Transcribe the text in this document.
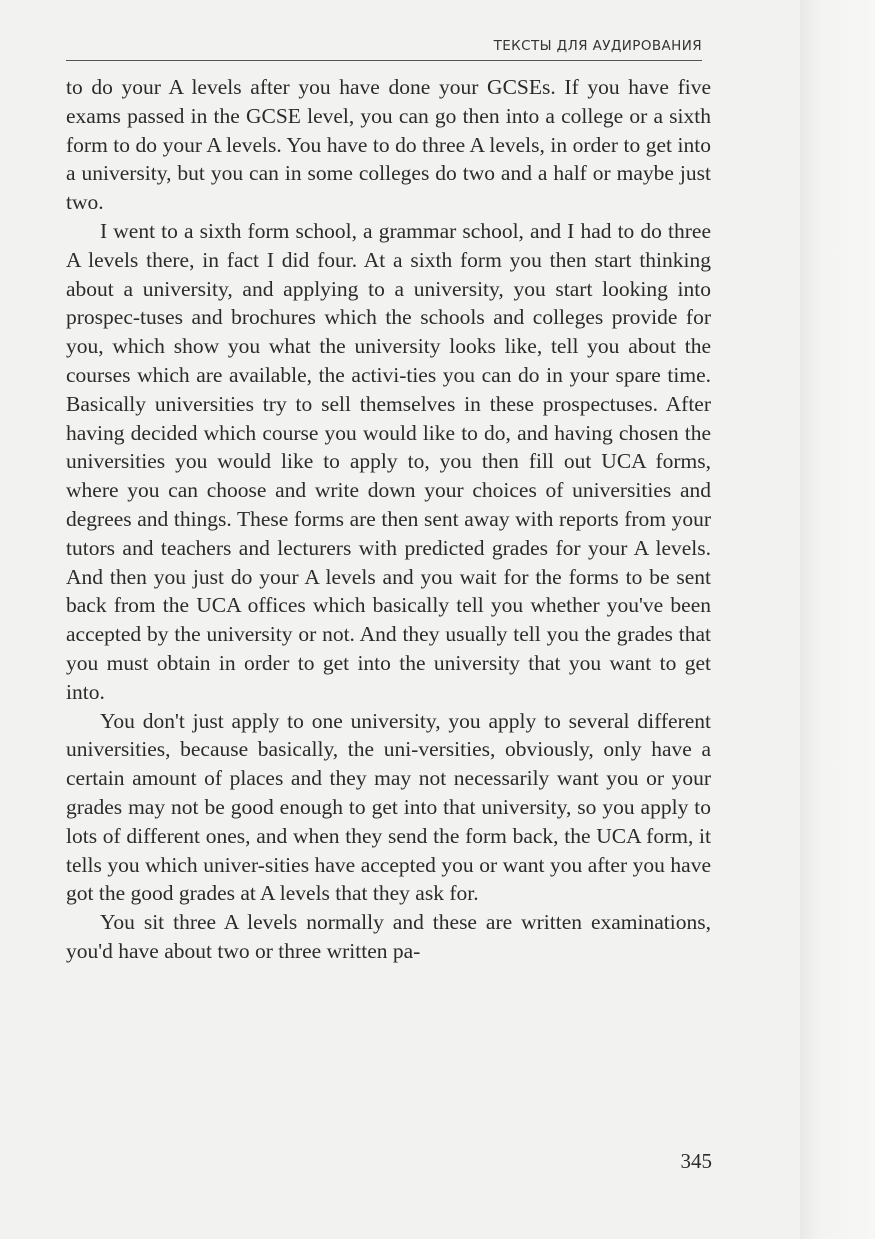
ТЕКСТЫ ДЛЯ АУДИРОВАНИЯ

to do your A levels after you have done your GCSEs. If you have five exams passed in the GCSE level, you can go then into a college or a sixth form to do your A levels. You have to do three A levels, in order to get into a university, but you can in some colleges do two and a half or maybe just two.

I went to a sixth form school, a grammar school, and I had to do three A levels there, in fact I did four. At a sixth form you then start thinking about a university, and applying to a university, you start looking into prospec-tuses and brochures which the schools and colleges provide for you, which show you what the university looks like, tell you about the courses which are available, the activi-ties you can do in your spare time. Basically universities try to sell themselves in these prospectuses. After having decided which course you would like to do, and having chosen the universities you would like to apply to, you then fill out UCA forms, where you can choose and write down your choices of universities and degrees and things. These forms are then sent away with reports from your tutors and teachers and lecturers with predicted grades for your A levels. And then you just do your A levels and you wait for the forms to be sent back from the UCA offices which basically tell you whether you've been accepted by the university or not. And they usually tell you the grades that you must obtain in order to get into the university that you want to get into.

You don't just apply to one university, you apply to several different universities, because basically, the uni-versities, obviously, only have a certain amount of places and they may not necessarily want you or your grades may not be good enough to get into that university, so you apply to lots of different ones, and when they send the form back, the UCA form, it tells you which univer-sities have accepted you or want you after you have got the good grades at A levels that they ask for.

You sit three A levels normally and these are written examinations, you'd have about two or three written pa-

345
